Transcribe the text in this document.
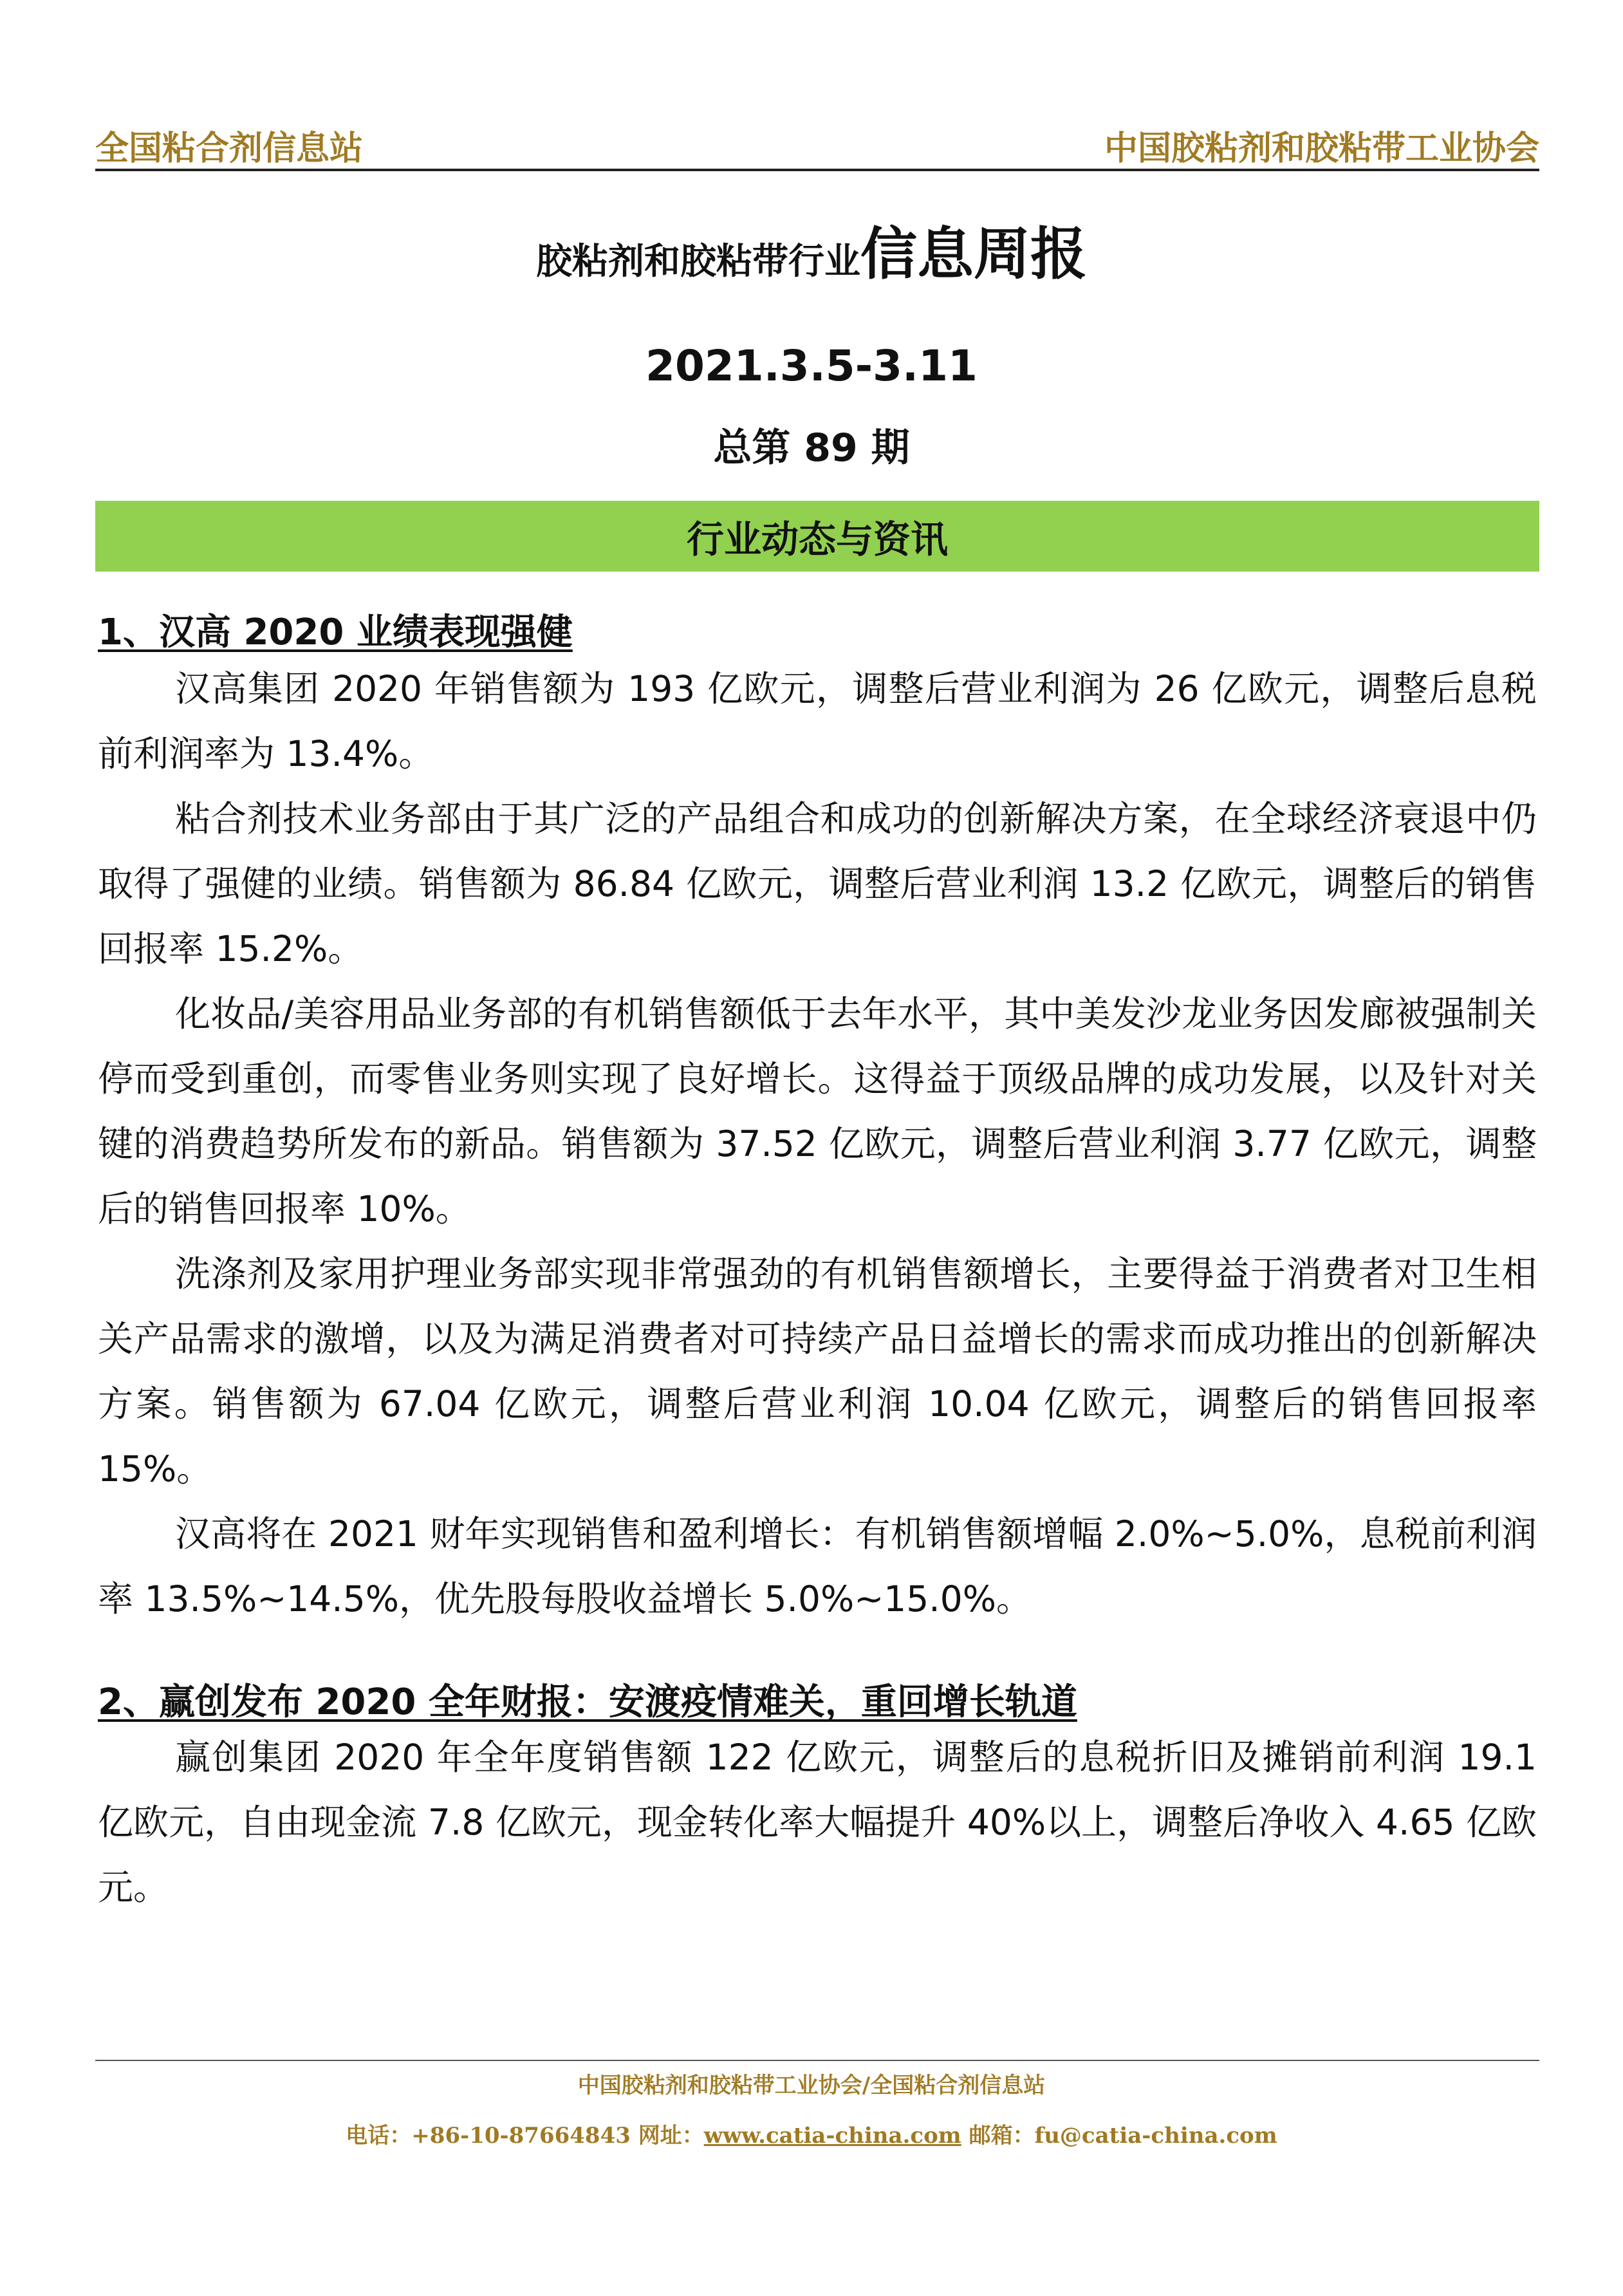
全国粘合剂信息站	中国胶粘剂和胶粘带工业协会
胶粘剂和胶粘带行业信息周报
2021.3.5-3.11
总第 89 期
行业动态与资讯
1、汉高 2020 业绩表现强健
汉高集团 2020 年销售额为 193 亿欧元，调整后营业利润为 26 亿欧元，调整后息税前利润率为 13.4%。
粘合剂技术业务部由于其广泛的产品组合和成功的创新解决方案，在全球经济衰退中仍取得了强健的业绩。销售额为 86.84 亿欧元，调整后营业利润 13.2 亿欧元，调整后的销售回报率 15.2%。
化妆品/美容用品业务部的有机销售额低于去年水平，其中美发沙龙业务因发廊被强制关停而受到重创，而零售业务则实现了良好增长。这得益于顶级品牌的成功发展，以及针对关键的消费趋势所发布的新品。销售额为 37.52 亿欧元，调整后营业利润 3.77 亿欧元，调整后的销售回报率 10%。
洗涤剂及家用护理业务部实现非常强劲的有机销售额增长，主要得益于消费者对卫生相关产品需求的激增，以及为满足消费者对可持续产品日益增长的需求而成功推出的创新解决方案。销售额为 67.04 亿欧元，调整后营业利润 10.04 亿欧元，调整后的销售回报率 15%。
汉高将在 2021 财年实现销售和盈利增长：有机销售额增幅 2.0%~5.0%，息税前利润率 13.5%~14.5%，优先股每股收益增长 5.0%~15.0%。
2、赢创发布 2020 全年财报：安渡疫情难关，重回增长轨道
赢创集团 2020 年全年度销售额 122 亿欧元，调整后的息税折旧及摊销前利润 19.1 亿欧元，自由现金流 7.8 亿欧元，现金转化率大幅提升 40%以上，调整后净收入 4.65 亿欧元。
中国胶粘剂和胶粘带工业协会/全国粘合剂信息站
电话：+86-10-87664843 网址：www.catia-china.com 邮箱：fu@catia-china.com
